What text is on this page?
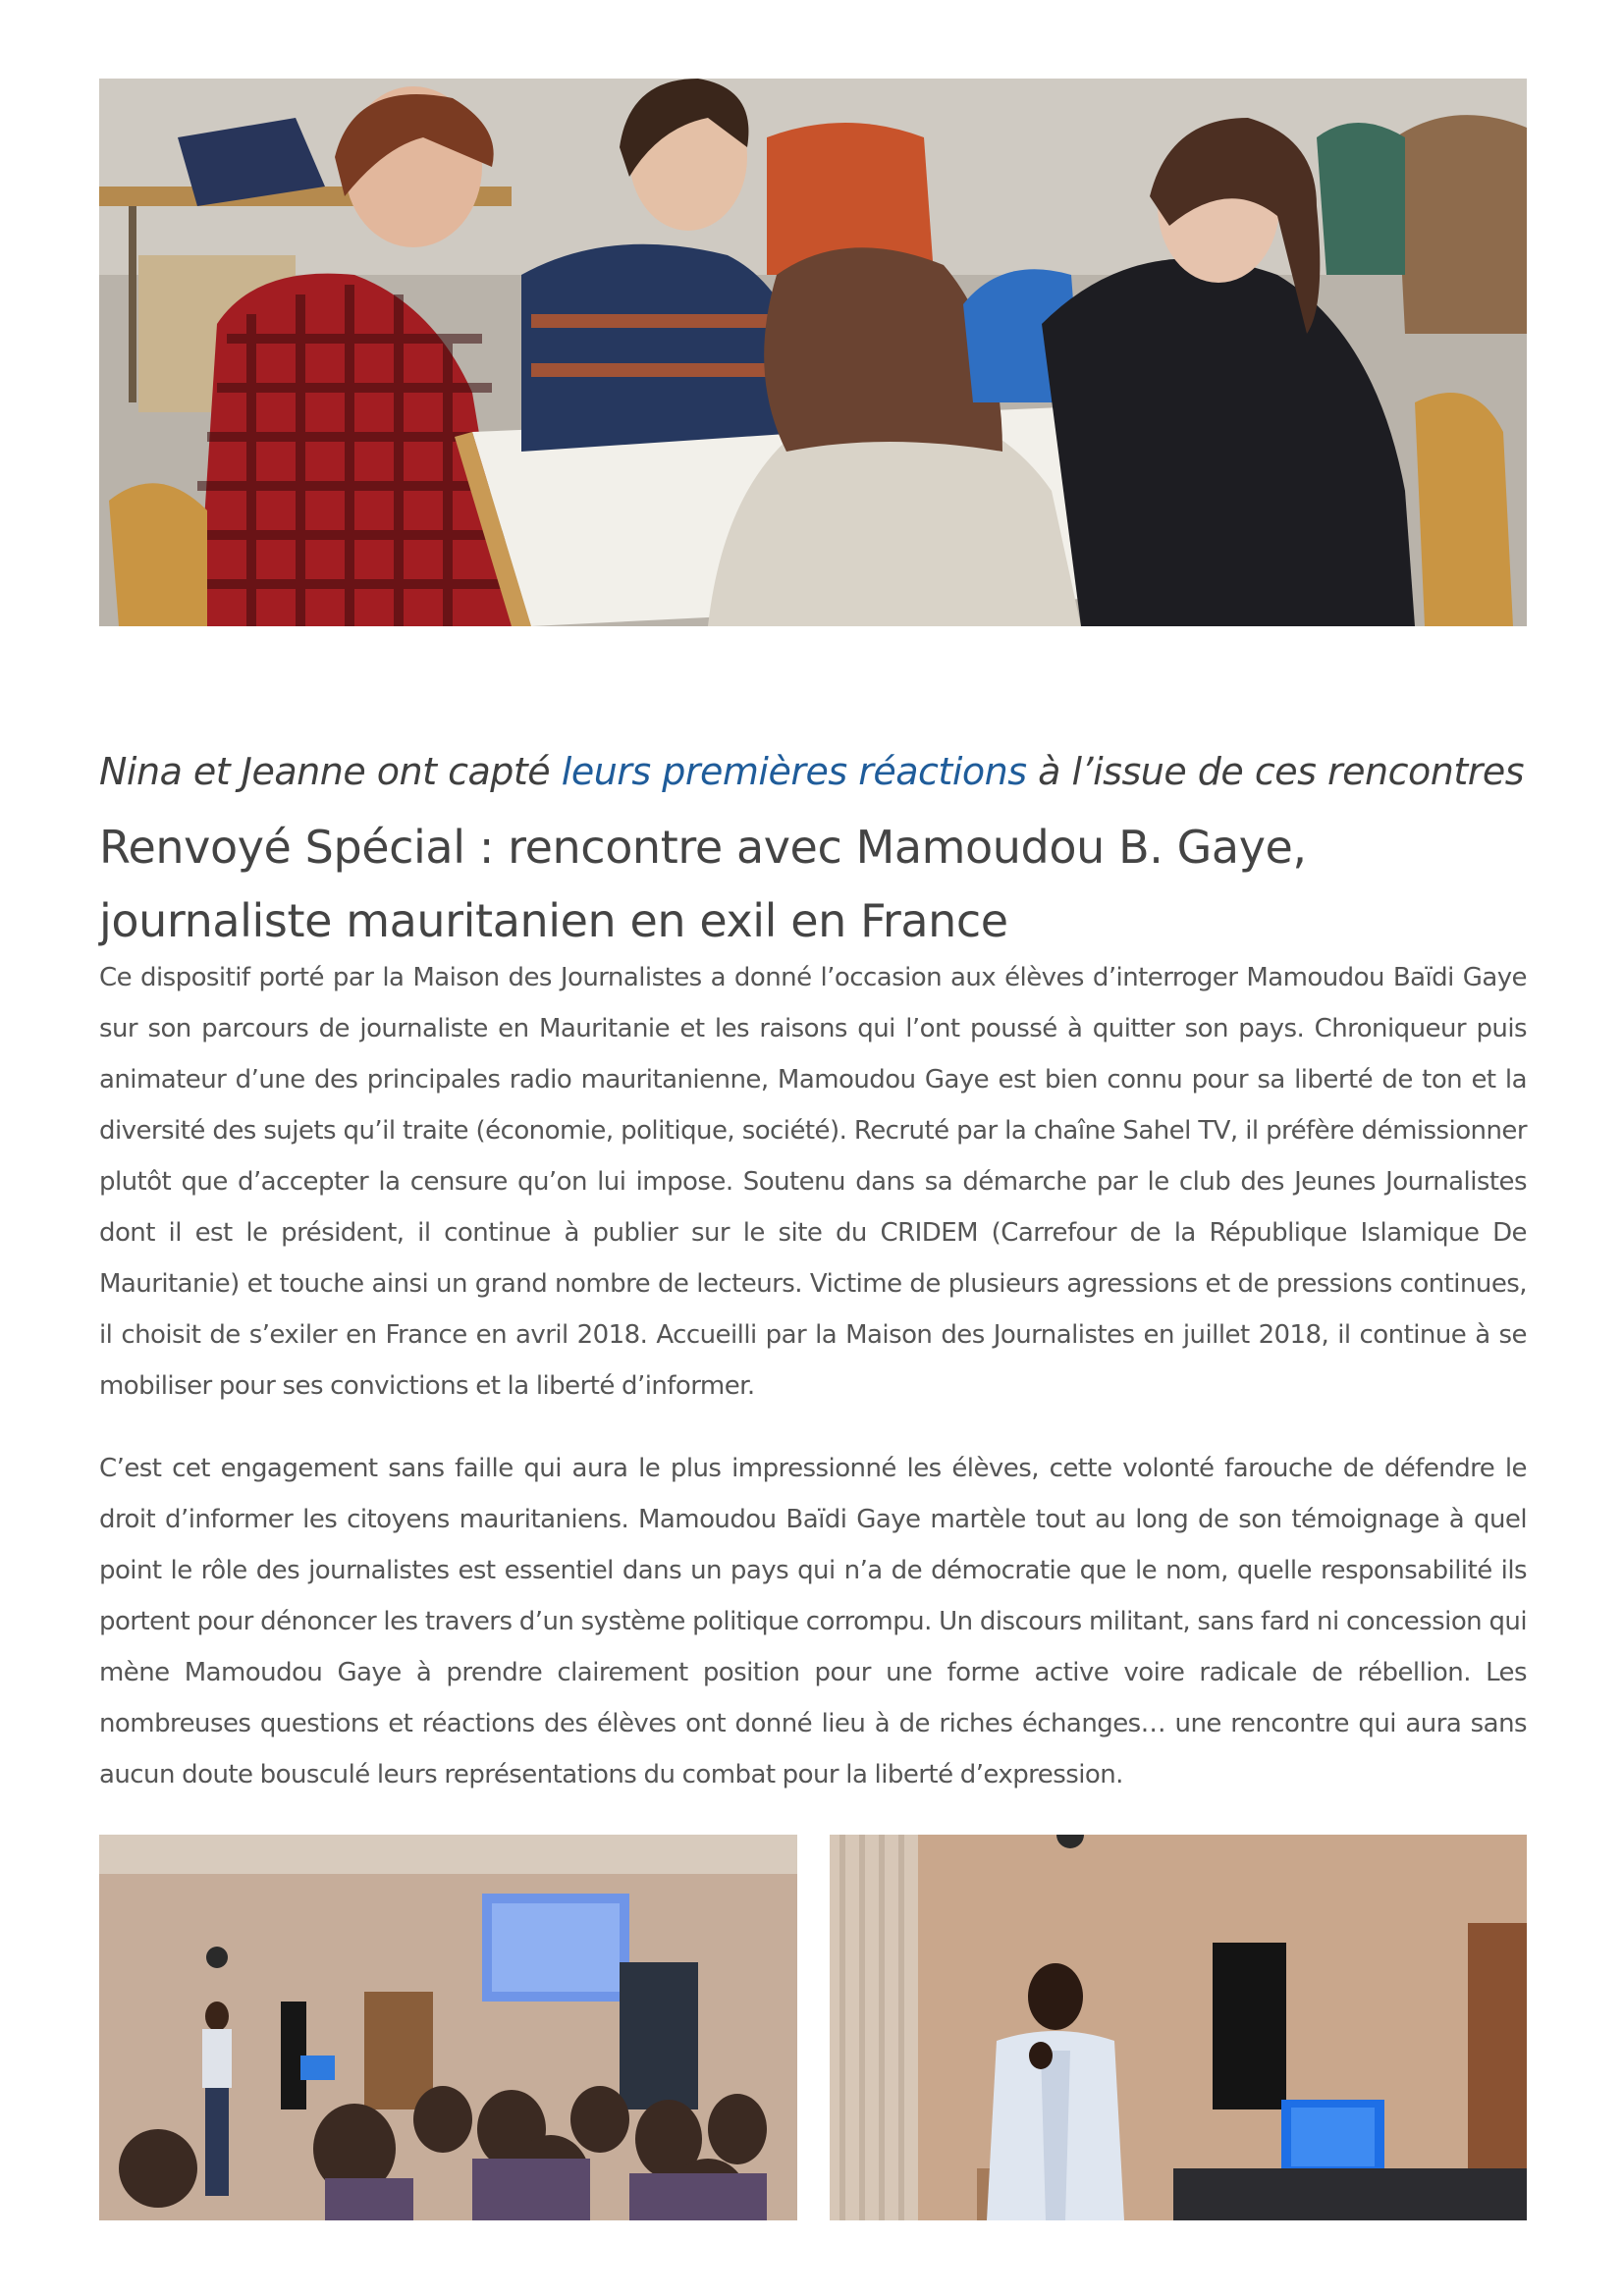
Nina et Jeanne ont capté leurs premières réactions à l’issue de ces rencontres

Renvoyé Spécial : rencontre avec Mamoudou B. Gaye, journaliste mauritanien en exil en France

Ce dispositif porté par la Maison des Journalistes a donné l’occasion aux élèves d’interroger Mamoudou Baïdi Gaye sur son parcours de journaliste en Mauritanie et les raisons qui l’ont poussé à quitter son pays. Chroniqueur puis animateur d’une des principales radio mauritanienne, Mamoudou Gaye est bien connu pour sa liberté de ton et la diversité des sujets qu’il traite (économie, politique, société). Recruté par la chaîne Sahel TV, il préfère démissionner plutôt que d’accepter la censure qu’on lui impose. Soutenu dans sa démarche par le club des Jeunes Journalistes dont il est le président, il continue à publier sur le site du CRIDEM (Carrefour de la République Islamique De Mauritanie) et touche ainsi un grand nombre de lecteurs. Victime de plusieurs agressions et de pressions continues, il choisit de s’exiler en France en avril 2018. Accueilli par la Maison des Journalistes en juillet 2018, il continue à se mobiliser pour ses convictions et la liberté d’informer.

C’est cet engagement sans faille qui aura le plus impressionné les élèves, cette volonté farouche de défendre le droit d’informer les citoyens mauritaniens. Mamoudou Baïdi Gaye martèle tout au long de son témoignage à quel point le rôle des journalistes est essentiel dans un pays qui n’a de démocratie que le nom, quelle responsabilité ils portent pour dénoncer les travers d’un système politique corrompu. Un discours militant, sans fard ni concession qui mène Mamoudou Gaye à prendre clairement position pour une forme active voire radicale de rébellion. Les nombreuses questions et réactions des élèves ont donné lieu à de riches échanges… une rencontre qui aura sans aucun doute bousculé leurs représentations du combat pour la liberté d’expression.
